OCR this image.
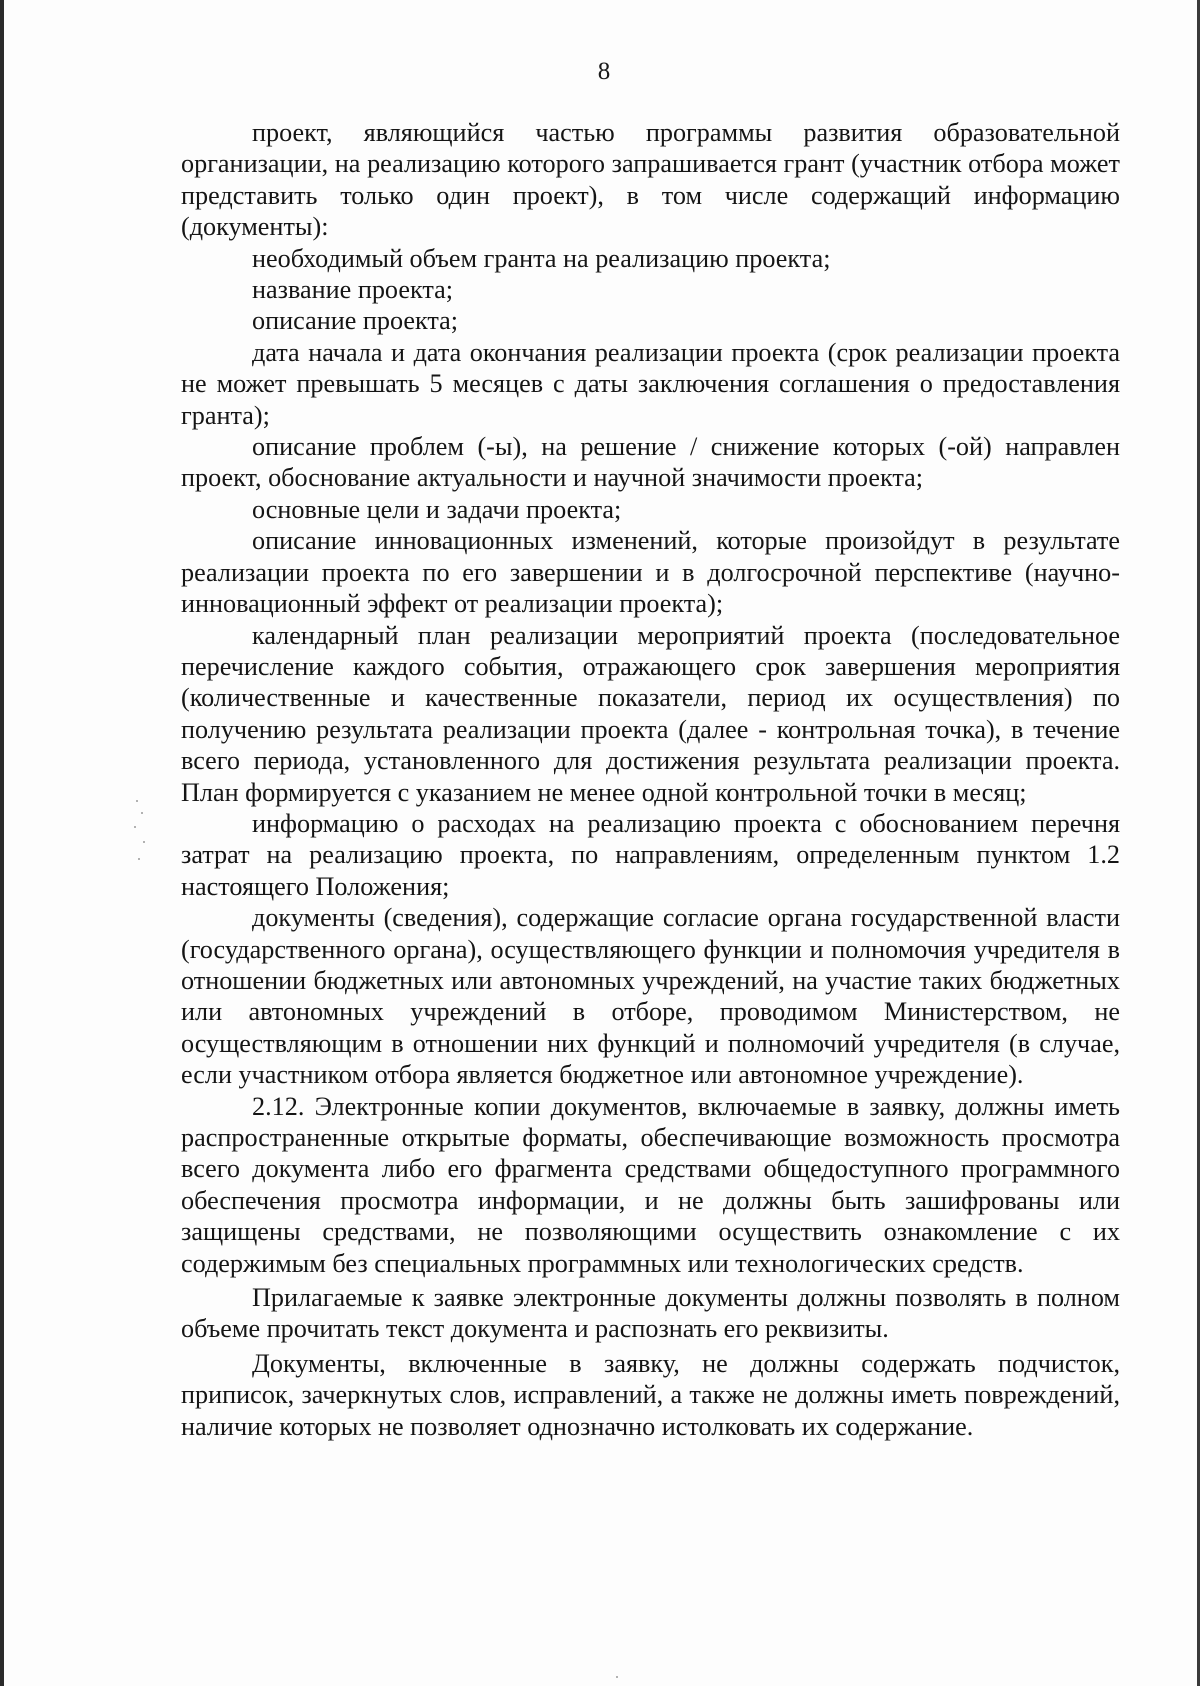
8

проект, являющийся частью программы развития образовательной организации, на реализацию которого запрашивается грант (участник отбора может представить только один проект), в том числе содержащий информацию (документы):

необходимый объем гранта на реализацию проекта;

название проекта;

описание проекта;

дата начала и дата окончания реализации проекта (срок реализации проекта не может превышать 5 месяцев с даты заключения соглашения о предоставления гранта);

описание проблем (-ы), на решение / снижение которых (-ой) направлен проект, обоснование актуальности и научной значимости проекта;

основные цели и задачи проекта;

описание инновационных изменений, которые произойдут в результате реализации проекта по его завершении и в долгосрочной перспективе (научно-инновационный эффект от реализации проекта);

календарный план реализации мероприятий проекта (последовательное перечисление каждого события, отражающего срок завершения мероприятия (количественные и качественные показатели, период их осуществления) по получению результата реализации проекта (далее - контрольная точка), в течение всего периода, установленного для достижения результата реализации проекта. План формируется с указанием не менее одной контрольной точки в месяц;

информацию о расходах на реализацию проекта с обоснованием перечня затрат на реализацию проекта, по направлениям, определенным пунктом 1.2 настоящего Положения;

документы (сведения), содержащие согласие органа государственной власти (государственного органа), осуществляющего функции и полномочия учредителя в отношении бюджетных или автономных учреждений, на участие таких бюджетных или автономных учреждений в отборе, проводимом Министерством, не осуществляющим в отношении них функций и полномочий учредителя (в случае, если участником отбора является бюджетное или автономное учреждение).

2.12. Электронные копии документов, включаемые в заявку, должны иметь распространенные открытые форматы, обеспечивающие возможность просмотра всего документа либо его фрагмента средствами общедоступного программного обеспечения просмотра информации, и не должны быть зашифрованы или защищены средствами, не позволяющими осуществить ознакомление с их содержимым без специальных программных или технологических средств.

Прилагаемые к заявке электронные документы должны позволять в полном объеме прочитать текст документа и распознать его реквизиты.

Документы, включенные в заявку, не должны содержать подчисток, приписок, зачеркнутых слов, исправлений, а также не должны иметь повреждений, наличие которых не позволяет однозначно истолковать их содержание.
